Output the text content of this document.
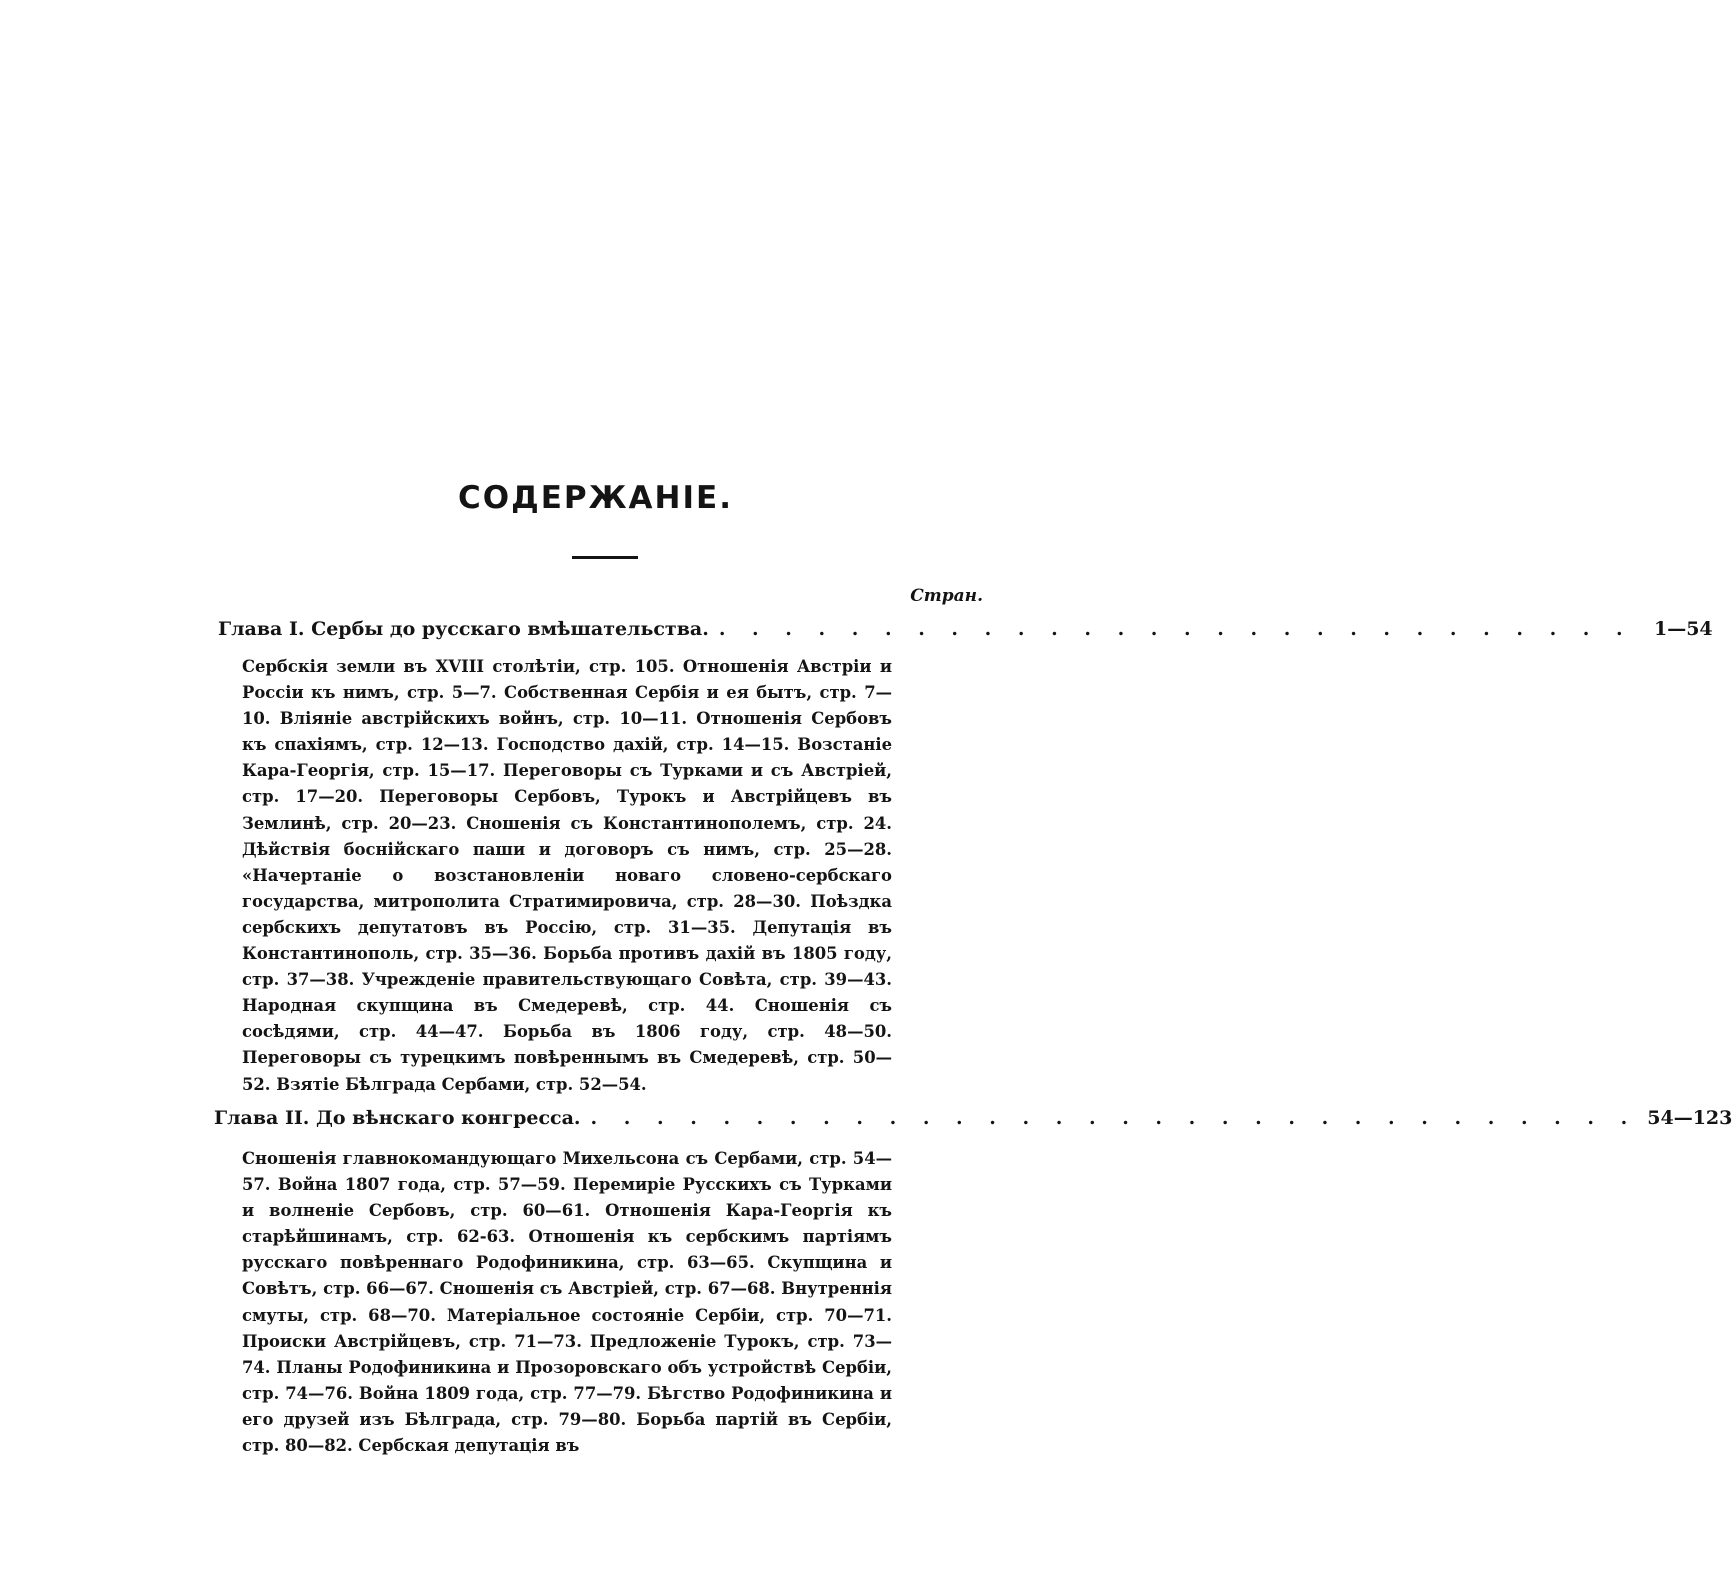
СОДЕРЖАНІЕ.
Стран.
Глава I. Сербы до русскаго вмѣшательства. . . . . . . . . . . . . . . . . . . . . . . . . . . . .	1—54
Сербскія земли въ XVIII столѣтіи, стр. 105. Отношенія Австріи и Россіи къ нимъ, стр. 5—7. Собственная Сербія и ея бытъ, стр. 7—10. Вліяніе австрійскихъ войнъ, стр. 10—11. Отношенія Сербовъ къ спахіямъ, стр. 12—13. Господство дахій, стр. 14—15. Возстаніе Кара-Георгія, стр. 15—17. Переговоры съ Турками и съ Австріей, стр. 17—20. Переговоры Сербовъ, Турокъ и Австрійцевъ въ Землинѣ, стр. 20—23. Сношенія съ Константинополемъ, стр. 24. Дѣйствія боснійскаго паши и договоръ съ нимъ, стр. 25—28. «Начертаніе о возстановленіи новаго словено-сербскаго государства, митрополита Стратимировича, стр. 28—30. Поѣздка сербскихъ депутатовъ въ Россію, стр. 31—35. Депутація въ Константинополь, стр. 35—36. Борьба противъ дахій въ 1805 году, стр. 37—38. Учрежденіе правительствующаго Совѣта, стр. 39—43. Народная скупщина въ Смедеревѣ, стр. 44. Сношенія съ сосѣдями, стр. 44—47. Борьба въ 1806 году, стр. 48—50. Переговоры съ турецкимъ повѣреннымъ въ Смедеревѣ, стр. 50—52. Взятіе Бѣлграда Сербами, стр. 52—54.
Глава II. До вѣнскаго конгресса. . . . . . . . . . . . . . . . . . . . . . . . . . . . . . . . . 54—123
Сношенія главнокомандующаго Михельсона съ Сербами, стр. 54—57. Война 1807 года, стр. 57—59. Перемиріе Русскихъ съ Турками и волненіе Сербовъ, стр. 60—61. Отношенія Кара-Георгія къ старѣйшинамъ, стр. 62-63. Отношенія къ сербскимъ партіямъ русскаго повѣреннаго Родофиникина, стр. 63—65. Скупщина и Совѣтъ, стр. 66—67. Сношенія съ Австріей, стр. 67—68. Внутреннія смуты, стр. 68—70. Матеріальное состояніе Сербіи, стр. 70—71. Происки Австрійцевъ, стр. 71—73. Предложеніе Турокъ, стр. 73—74. Планы Родофиникина и Прозоровскаго объ устройствѣ Сербіи, стр. 74—76. Война 1809 года, стр. 77—79. Бѣгство Родофиникина и его друзей изъ Бѣлграда, стр. 79—80. Борьба партій въ Сербіи, стр. 80—82. Сербская депутація въ
